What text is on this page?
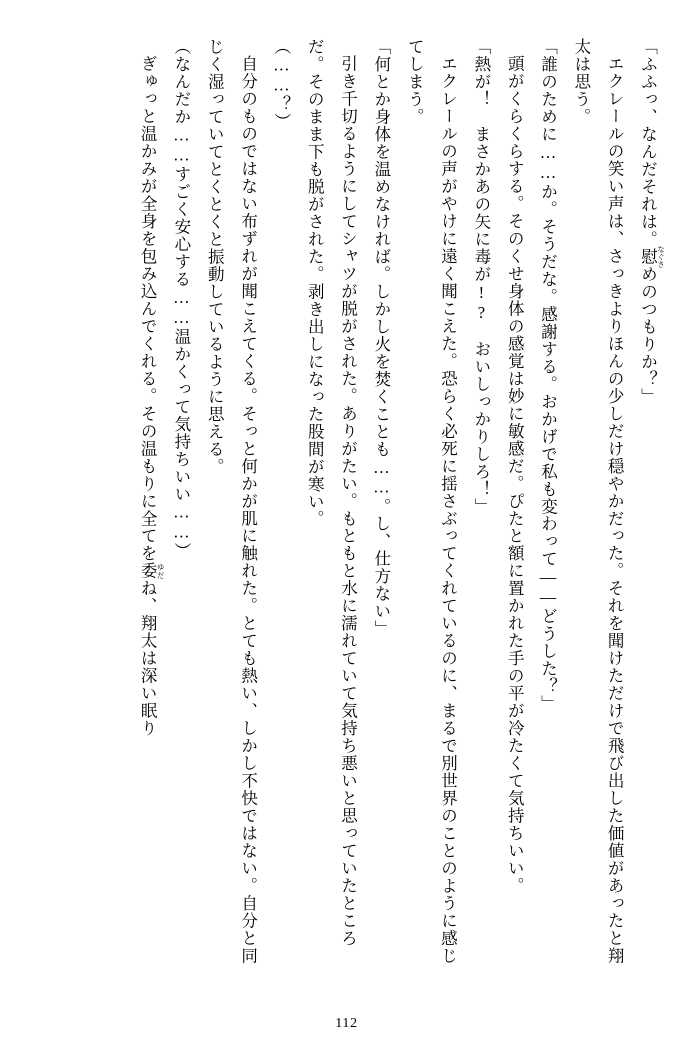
「ふふっ、なんだそれは。慰 なぐさめのつもりか？」
エクレールの笑い声は、さっきよりほんの少しだけ穏やかだった。それを聞けただけで飛び出した価値があったと翔太は思う。
「誰のために……か。そうだな。感謝する。おかげで私も変わって――どうした？」
頭がくらくらする。そのくせ身体の感覚は妙に敏感だ。ぴたと額に置かれた手の平が冷たくて気持ちいい。
「熱が！　まさかあの矢に毒が!?　おいしっかりしろ！」
エクレールの声がやけに遠く聞こえた。恐らく必死に揺さぶってくれているのに、まるで別世界のことのように感じてしまう。
「何とか身体を温めなければ。しかし火を焚くことも……。し、仕方ない」
引き千切るようにしてシャツが脱がされた。ありがたい。もともと水に濡れていて気持ち悪いと思っていたところだ。そのまま下も脱がされた。剥き出しになった股間が寒い。
（……？）
自分のものではない布ずれが聞こえてくる。そっと何かが肌に触れた。とても熱い、しかし不快ではない。自分と同じく湿っていてとくとくと振動しているように思える。
（なんだか……すごく安心する……温かくって気持ちいい……）
ぎゅっと温かみが全身を包み込んでくれる。その温もりに全てを委 ゆだね、翔太は深い眠り
112
